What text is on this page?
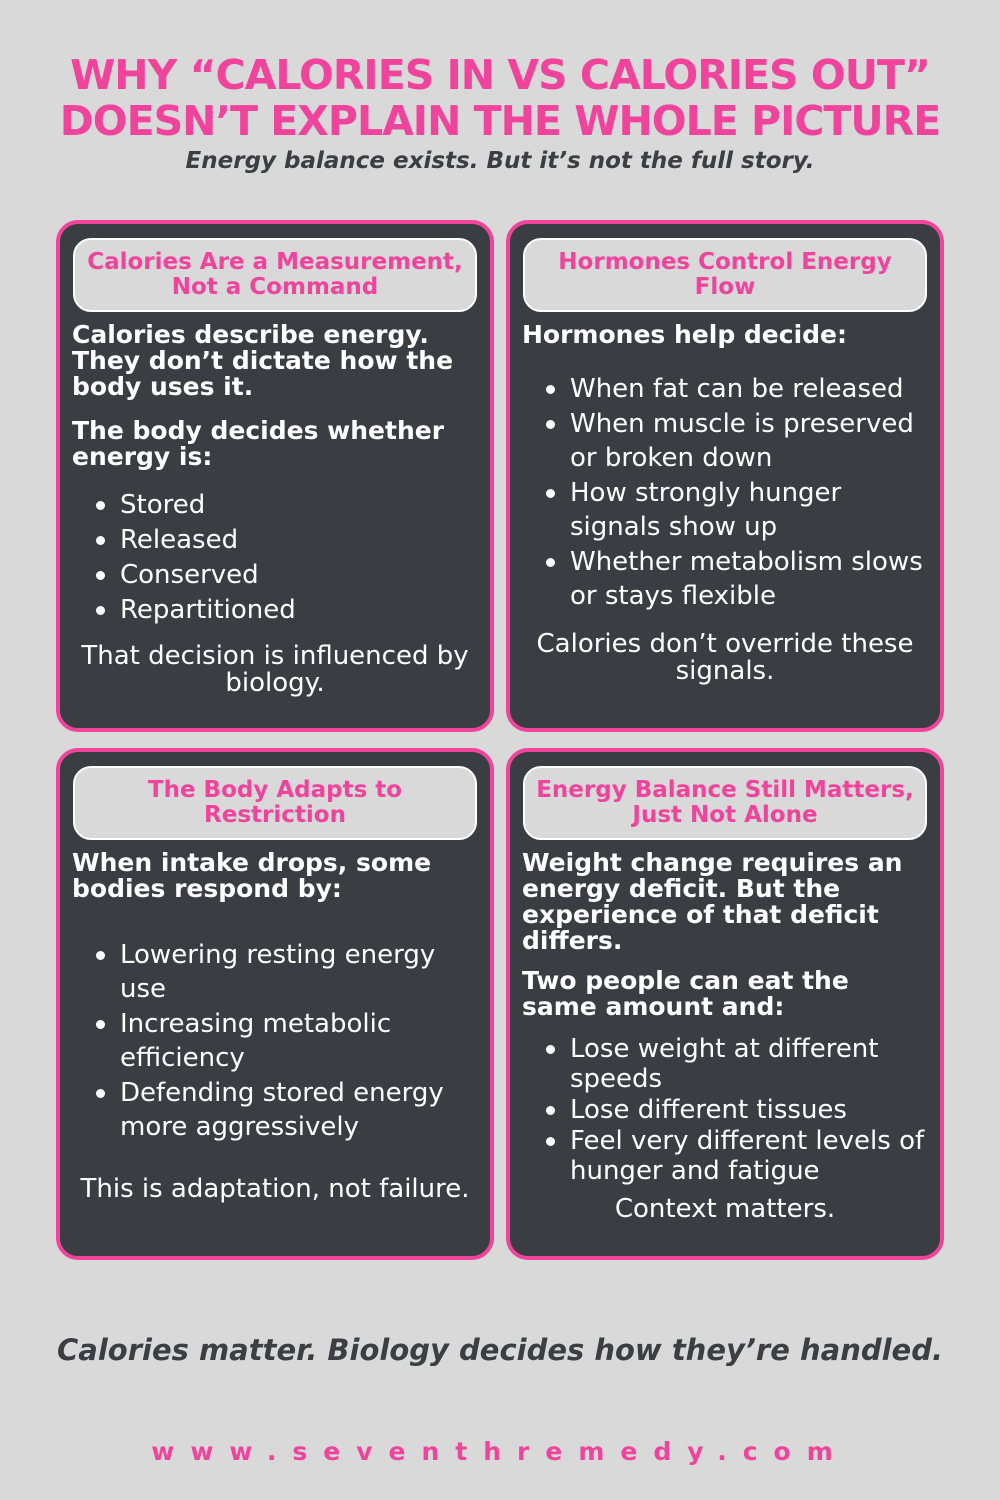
WHY “CALORIES IN VS CALORIES OUT”
DOESN’T EXPLAIN THE WHOLE PICTURE
Energy balance exists. But it’s not the full story.
Calories Are a Measurement, Not a Command

Calories describe energy. They don’t dictate how the body uses it.

The body decides whether energy is:

Stored
Released
Conserved
Repartitioned

That decision is influenced by biology.

Hormones Control Energy Flow

Hormones help decide:

When fat can be released
When muscle is preserved or broken down
How strongly hunger signals show up
Whether metabolism slows or stays flexible

Calories don’t override these signals.

The Body Adapts to Restriction

When intake drops, some bodies respond by:

Lowering resting energy use
Increasing metabolic efficiency
Defending stored energy more aggressively

This is adaptation, not failure.

Energy Balance Still Matters, Just Not Alone

Weight change requires an energy deficit. But the experience of that deficit differs.

Two people can eat the same amount and:

Lose weight at different speeds
Lose different tissues
Feel very different levels of hunger and fatigue

Context matters.

Calories matter. Biology decides how they’re handled.
www.seventhremedy.com
